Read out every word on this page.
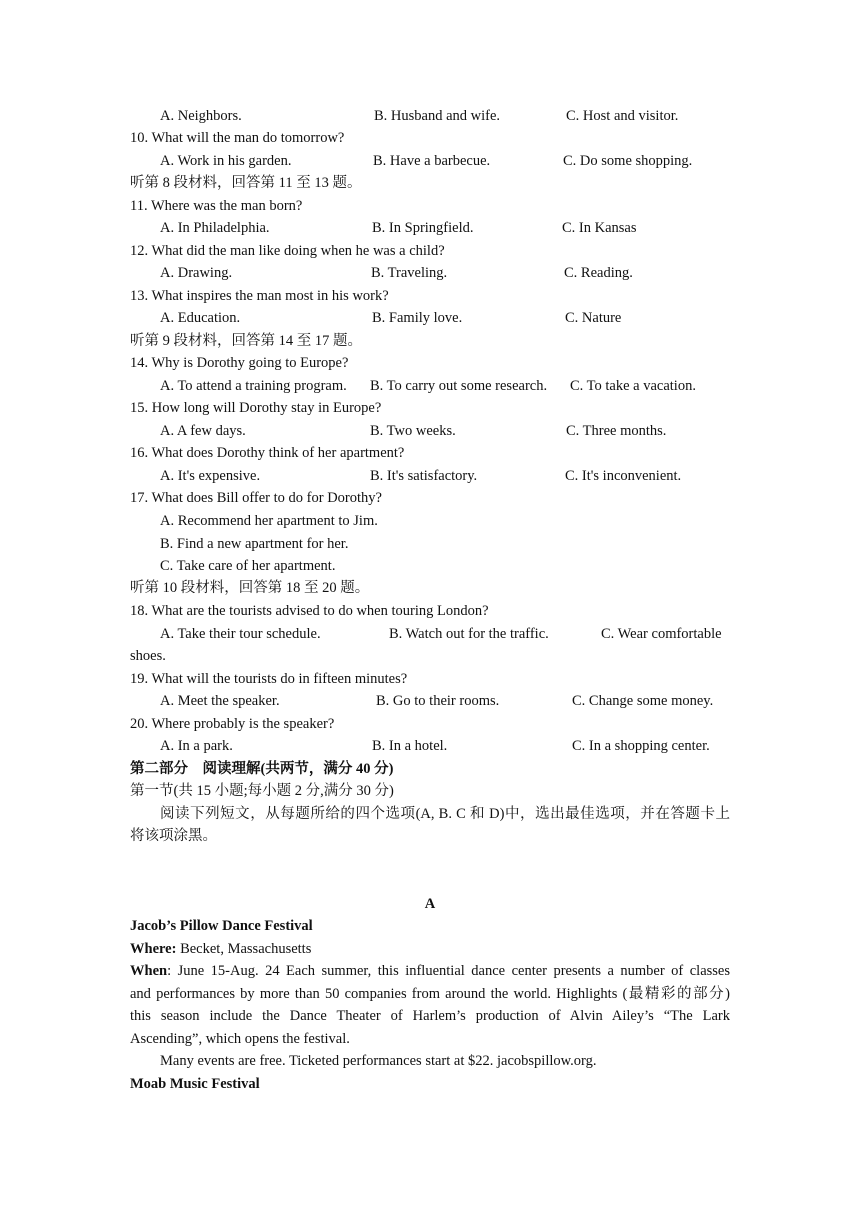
A. Neighbors.	B. Husband and wife.	C. Host and visitor.
10. What will the man do tomorrow?
A. Work in his garden.	B. Have a barbecue.	C. Do some shopping.
听第 8 段材料，回答第 11 至 13 题。
11. Where was the man born?
A. In Philadelphia.	B. In Springfield.	C. In Kansas
12. What did the man like doing when he was a child?
A. Drawing.	B. Traveling.	C. Reading.
13. What inspires the man most in his work?
A. Education.	B. Family love.	C. Nature
听第 9 段材料，回答第 14 至 17 题。
14. Why is Dorothy going to Europe?
A. To attend a training program. B. To carry out some research. C. To take a vacation.
15. How long will Dorothy stay in Europe?
A. A few days.	B. Two weeks.	C. Three months.
16. What does Dorothy think of her apartment?
A. It's expensive.	B. It's satisfactory.	C. It's inconvenient.
17. What does Bill offer to do for Dorothy?
A. Recommend her apartment to Jim.
B. Find a new apartment for her.
C. Take care of her apartment.
听第 10 段材料，回答第 18 至 20 题。
18. What are the tourists advised to do when touring London?
A. Take their tour schedule.	B. Watch out for the traffic.	C. Wear comfortable
shoes.
19. What will the tourists do in fifteen minutes?
A. Meet the speaker.	B. Go to their rooms.	C. Change some money.
20. Where probably is the speaker?
A. In a park.	B. In a hotel.	C. In a shopping center.
第二部分　阅读理解(共两节，满分 40 分)
第一节(共 15 小题;每小题 2 分,满分 30 分)
阅读下列短文，从每题所给的四个选项(A, B. C 和 D)中，选出最佳选项，并在答题卡上
将该项涂黑。
A
Jacob’s Pillow Dance Festival
Where: Becket, Massachusetts
When: June 15-Aug. 24 Each summer, this influential dance center presents a number of classes
and performances by more than 50 companies from around the world. Highlights (最精彩的部分)
this season include the Dance Theater of Harlem’s production of Alvin Ailey’s “The Lark
Ascending”, which opens the festival.
Many events are free. Ticketed performances start at $22. jacobspillow.org.
Moab Music Festival
